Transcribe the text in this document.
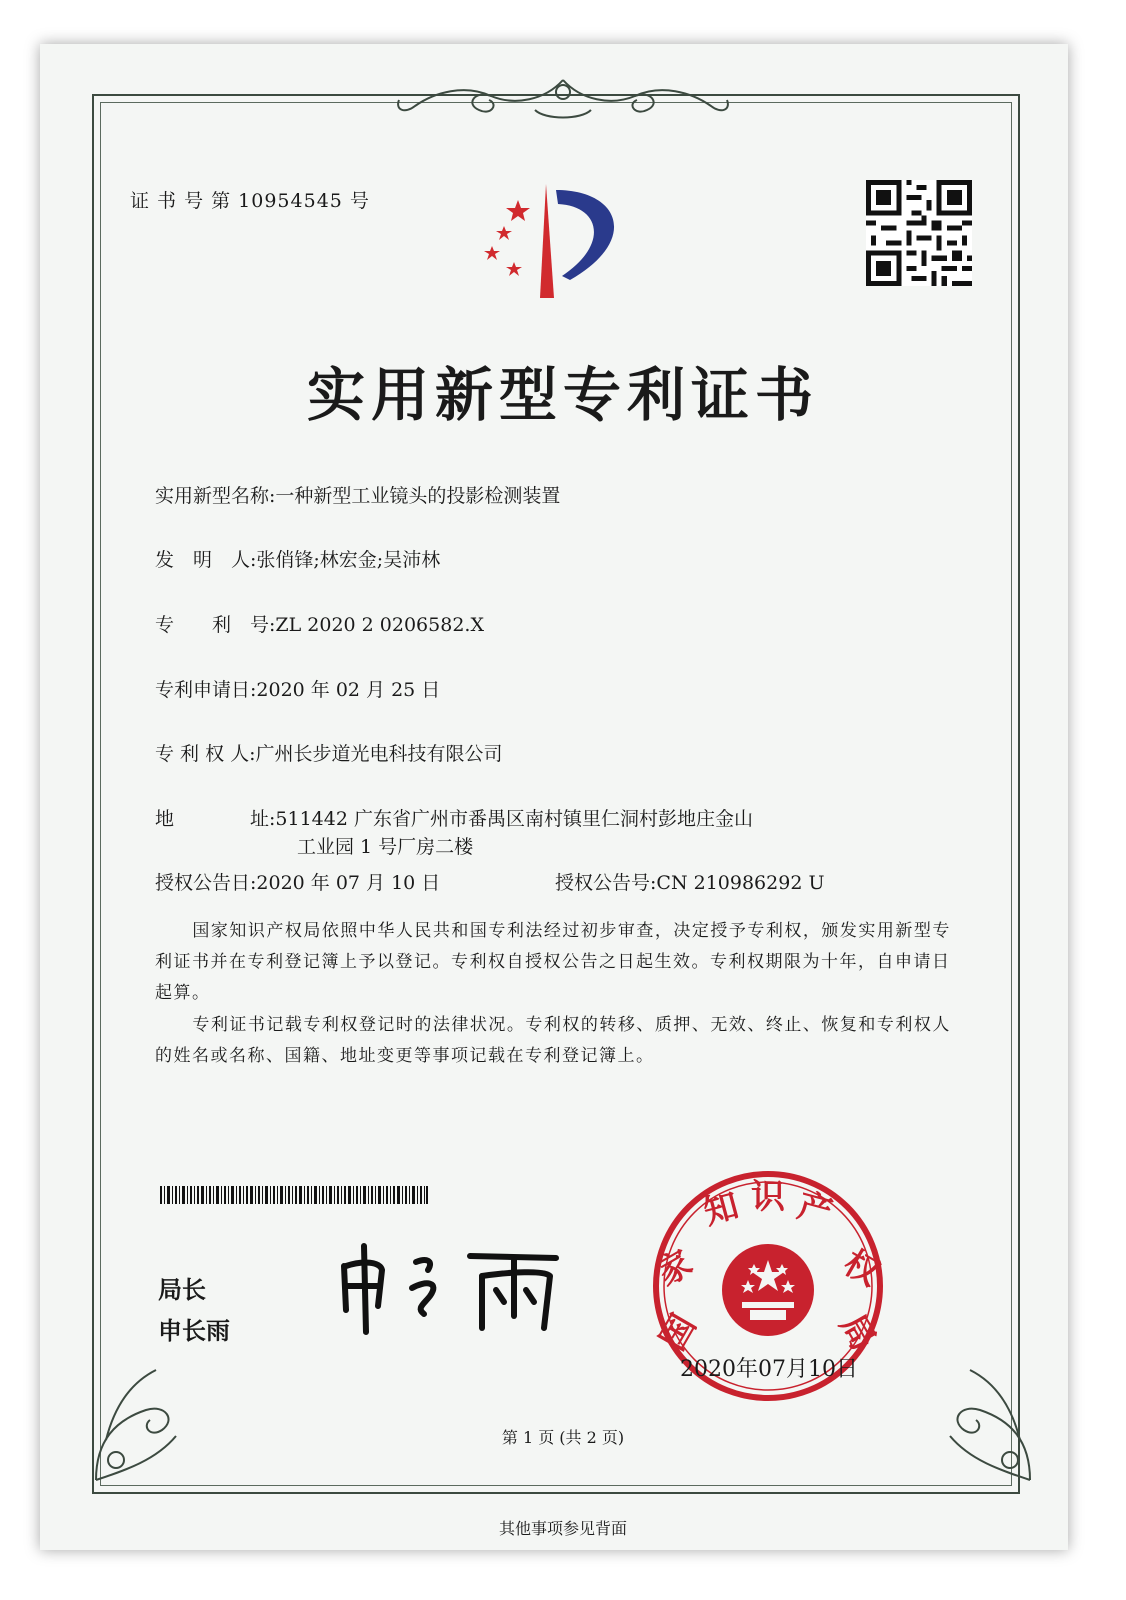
证 书 号 第 10954545 号
实用新型专利证书
实用新型名称:一种新型工业镜头的投影检测装置
发　明　人:张俏锋;林宏金;吴沛林
专　　利　号:ZL 2020 2 0206582.X
专利申请日:2020 年 02 月 25 日
专 利 权 人:广州长步道光电科技有限公司
地　　　　址:511442 广东省广州市番禺区南村镇里仁洞村彭地庄金山
工业园 1 号厂房二楼
授权公告日:2020 年 07 月 10 日	授权公告号:CN 210986292 U
国家知识产权局依照中华人民共和国专利法经过初步审查，决定授予专利权，颁发实用新型专利证书并在专利登记簿上予以登记。专利权自授权公告之日起生效。专利权期限为十年，自申请日起算。
专利证书记载专利权登记时的法律状况。专利权的转移、质押、无效、终止、恢复和专利权人的姓名或名称、国籍、地址变更等事项记载在专利登记簿上。
局长
申长雨	国
家
知 识 产
权
局
2020年07月10日
第 1 页 (共 2 页)
其他事项参见背面
